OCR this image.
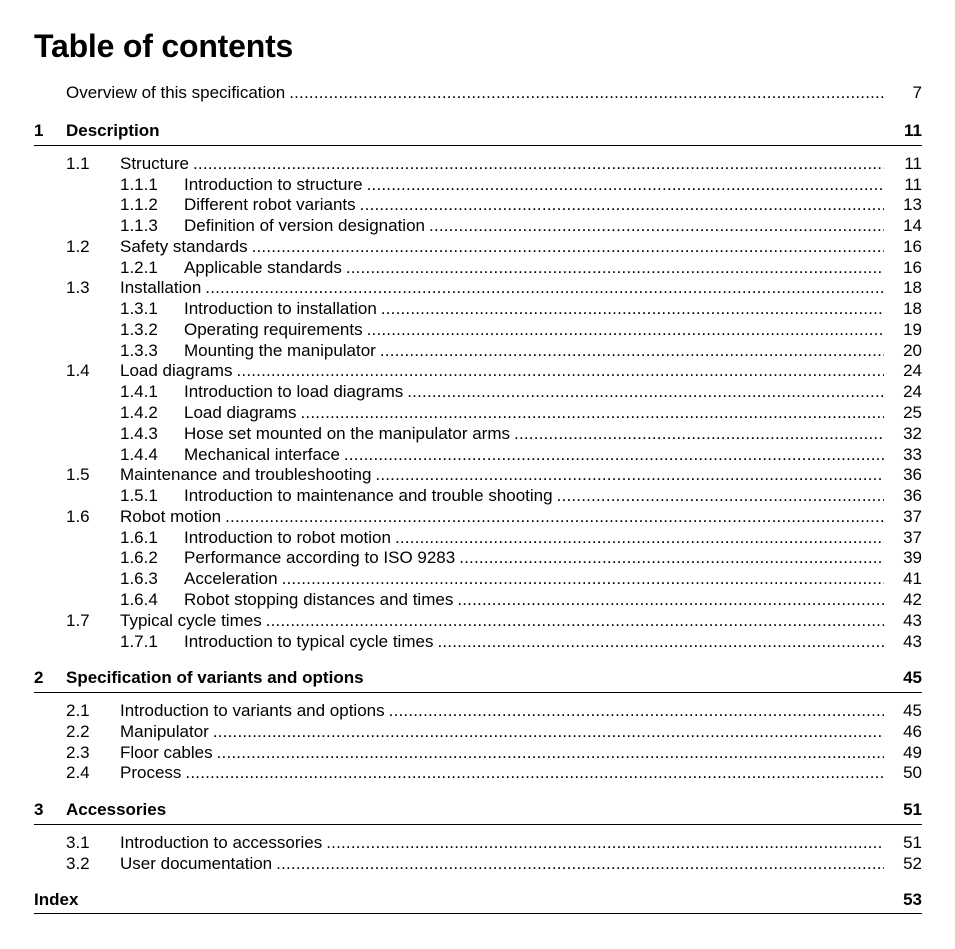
Table of contents
Overview of this specification .....	7
1 Description	11
1.1 Structure .....	11
1.1.1 Introduction to structure .....	11
1.1.2 Different robot variants .....	13
1.1.3 Definition of version designation .....	14
1.2 Safety standards .....	16
1.2.1 Applicable standards .....	16
1.3 Installation .....	18
1.3.1 Introduction to installation .....	18
1.3.2 Operating requirements .....	19
1.3.3 Mounting the manipulator .....	20
1.4 Load diagrams .....	24
1.4.1 Introduction to load diagrams .....	24
1.4.2 Load diagrams .....	25
1.4.3 Hose set mounted on the manipulator arms .....	32
1.4.4 Mechanical interface .....	33
1.5 Maintenance and troubleshooting .....	36
1.5.1 Introduction to maintenance and trouble shooting .....	36
1.6 Robot motion .....	37
1.6.1 Introduction to robot motion .....	37
1.6.2 Performance according to ISO 9283 .....	39
1.6.3 Acceleration .....	41
1.6.4 Robot stopping distances and times .....	42
1.7 Typical cycle times .....	43
1.7.1 Introduction to typical cycle times .....	43
2 Specification of variants and options	45
2.1 Introduction to variants and options .....	45
2.2 Manipulator .....	46
2.3 Floor cables .....	49
2.4 Process .....	50
3 Accessories	51
3.1 Introduction to accessories .....	51
3.2 User documentation .....	52
Index	53
